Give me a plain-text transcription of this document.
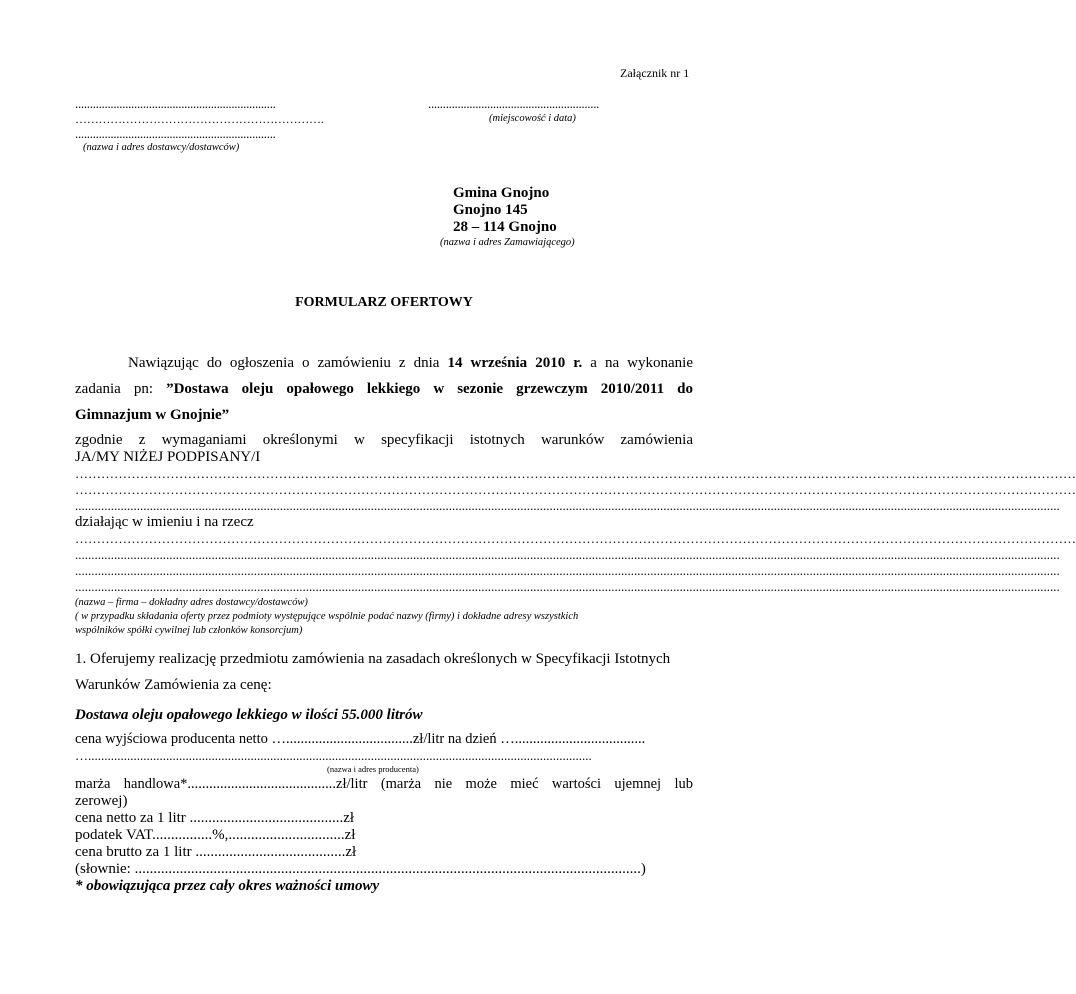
Załącznik nr 1
....................................................................
……………………………………………………….
....................................................................
(nazwa i adres dostawcy/dostawców)
..........................................................
(miejscowość i data)
Gmina Gnojno
Gnojno 145
28 – 114 Gnojno
(nazwa i adres Zamawiającego)
FORMULARZ OFERTOWY
Nawiązując do ogłoszenia o zamówieniu z dnia 14 września 2010 r. a na wykonanie
zadania pn: ”Dostawa oleju opałowego lekkiego w sezonie grzewczym 2010/2011 do
Gimnazjum w Gnojnie”
zgodnie z wymaganiami określonymi w specyfikacji istotnych warunków zamówienia
JA/MY NIŻEJ PODPISANY/I
……………………………………………………………………………………………………………………………………………………………………………………………………………
……………………………………………………………………………………………………………………………………………………………………………………………………………
...............................................................................................................................................................................................................................................................................................................
działając w imieniu i na rzecz
……………………………………………………………………………………………………………………………………………………………………………………………………………
...............................................................................................................................................................................................................................................................................................................
...............................................................................................................................................................................................................................................................................................................
...............................................................................................................................................................................................................................................................................................................
(nazwa – firma – dokładny adres dostawcy/dostawców)
( w przypadku składania oferty przez podmioty występujące wspólnie podać nazwy (firmy) i dokładne adresy wszystkich
wspólników spółki cywilnej lub członków konsorcjum)
1. Oferujemy realizację przedmiotu zamówienia na zasadach określonych w Specyfikacji Istotnych
Warunków Zamówienia za cenę:
Dostawa oleju opałowego lekkiego w ilości 55.000 litrów
cena wyjściowa producenta netto …...................................zł/litr na dzień …....................................
…...........................................................................................................................................................
(nazwa i adres producenta)
marża handlowa*.........................................zł/litr (marża nie może mieć wartości ujemnej lub
zerowej)
cena netto za 1 litr .........................................zł
podatek VAT................%,...............................zł
cena brutto za 1 litr ........................................zł
(słownie: .......................................................................................................................................)
* obowiązująca przez cały okres ważności umowy
